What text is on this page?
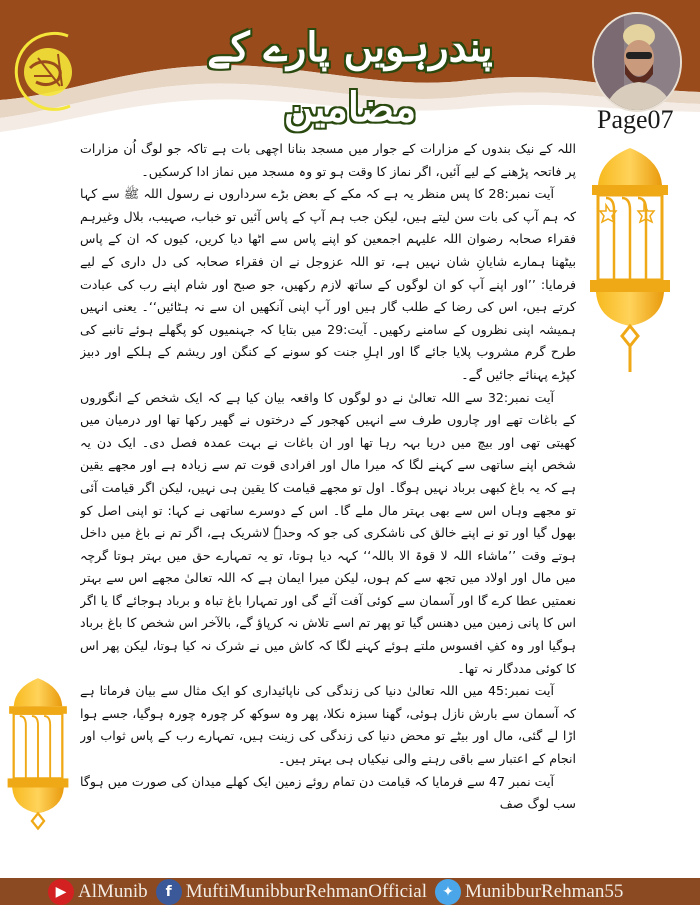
پندرہویں پارے کے مضامین	Page07

اللہ کے نیک بندوں کے مزارات کے جوار میں مسجد بنانا اچھی بات ہے تاکہ جو لوگ اُن مزارات پر فاتحہ پڑھنے کے لیے آئیں، اگر نماز کا وقت ہو تو وہ مسجد میں نماز ادا کرسکیں۔

آیت نمبر:28 کا پس منظر یہ ہے کہ مکے کے بعض بڑے سرداروں نے رسول اللہ ﷺ سے کہا کہ ہم آپ کی بات سن لیتے ہیں، لیکن جب ہم آپ کے پاس آئیں تو خباب، صہیب، بلال وغیرہم فقراء صحابہ رضوان اللہ علیہم اجمعین کو اپنے پاس سے اٹھا دیا کریں، کیوں کہ ان کے پاس بیٹھنا ہمارے شایانِ شان نہیں ہے، تو اللہ عزوجل نے ان فقراء صحابہ کی دل داری کے لیے فرمایا: ’’اور اپنے آپ کو ان لوگوں کے ساتھ لازم رکھیں، جو صبح اور شام اپنے رب کی عبادت کرتے ہیں، اس کی رضا کے طلب گار ہیں اور آپ اپنی آنکھیں ان سے نہ ہٹائیں‘‘۔ یعنی انہیں ہمیشہ اپنی نظروں کے سامنے رکھیں۔ آیت:29 میں بتایا کہ جہنمیوں کو پگھلے ہوئے تانبے کی طرح گرم مشروب پلایا جائے گا اور اہلِ جنت کو سونے کے کنگن اور ریشم کے ہلکے اور دبیز کپڑے پہنائے جائیں گے۔

آیت نمبر:32 سے اللہ تعالیٰ نے دو لوگوں کا واقعہ بیان کیا ہے کہ ایک شخص کے انگوروں کے باغات تھے اور چاروں طرف سے انہیں کھجور کے درختوں نے گھیر رکھا تھا اور درمیان میں کھیتی تھی اور بیچ میں دریا بہہ رہا تھا اور ان باغات نے بہت عمدہ فصل دی۔ ایک دن یہ شخص اپنے ساتھی سے کہنے لگا کہ میرا مال اور افرادی قوت تم سے زیادہ ہے اور مجھے یقین ہے کہ یہ باغ کبھی برباد نہیں ہوگا۔ اول تو مجھے قیامت کا یقین ہی نہیں، لیکن اگر قیامت آئی تو مجھے وہاں اس سے بھی بہتر مال ملے گا۔ اس کے دوسرے ساتھی نے کہا: تو اپنی اصل کو بھول گیا اور تو نے اپنے خالق کی ناشکری کی جو کہ وحدہٗ لاشریک ہے، اگر تم نے باغ میں داخل ہوتے وقت ’’ماشاء اللہ لا قوۃ الا باللہ‘‘ کہہ دیا ہوتا، تو یہ تمہارے حق میں بہتر ہوتا گرچہ میں مال اور اولاد میں تجھ سے کم ہوں، لیکن میرا ایمان ہے کہ اللہ تعالیٰ مجھے اس سے بہتر نعمتیں عطا کرے گا اور آسمان سے کوئی آفت آئے گی اور تمہارا باغ تباہ و برباد ہوجائے گا یا اگر اس کا پانی زمین میں دھنس گیا تو پھر تم اسے تلاش نہ کرپاؤ گے، بالآخر اس شخص کا باغ برباد ہوگیا اور وہ کفِ افسوس ملتے ہوئے کہنے لگا کہ کاش میں نے شرک نہ کیا ہوتا، لیکن پھر اس کا کوئی مددگار نہ تھا۔

آیت نمبر:45 میں اللہ تعالیٰ دنیا کی زندگی کی ناپائیداری کو ایک مثال سے بیان فرماتا ہے کہ آسمان سے بارش نازل ہوئی، گھنا سبزہ نکلا، پھر وہ سوکھ کر چورہ چورہ ہوگیا، جسے ہوا اڑا لے گئی، مال اور بیٹے تو محض دنیا کی زندگی کی زینت ہیں، تمہارے رب کے پاس ثواب اور انجام کے اعتبار سے باقی رہنے والی نیکیاں ہی بہتر ہیں۔

آیت نمبر 47 سے فرمایا کہ قیامت دن تمام روئے زمین ایک کھلے میدان کی صورت میں ہوگا سب لوگ صف

▶ AlMunib	f MuftiMunibburRehmanOfficial	✦ MunibburRehman55
